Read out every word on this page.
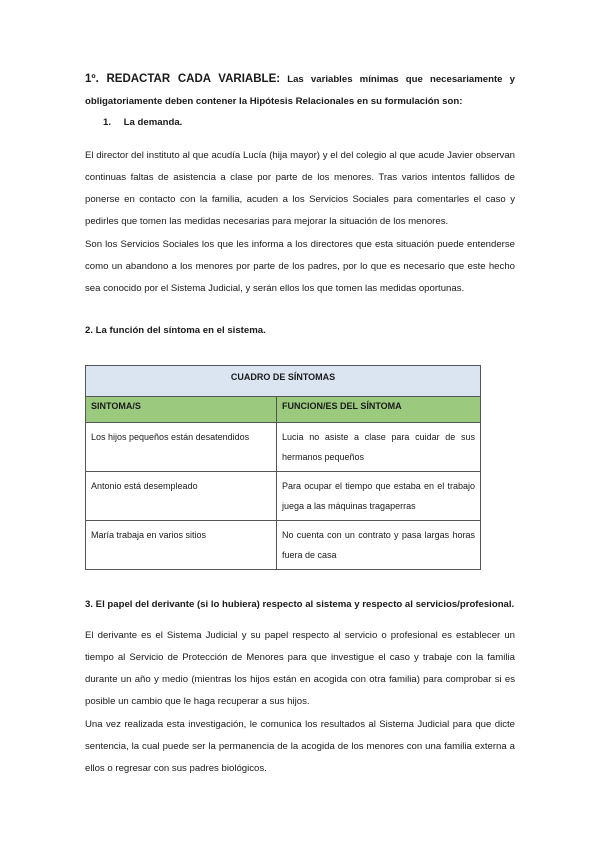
1º. REDACTAR CADA VARIABLE: Las variables mínimas que necesariamente y obligatoriamente deben contener la Hipótesis Relacionales en su formulación son:

1. La demanda.

El director del instituto al que acudía Lucía (hija mayor) y el del colegio al que acude Javier observan continuas faltas de asistencia a clase por parte de los menores. Tras varios intentos fallidos de ponerse en contacto con la familia, acuden a los Servicios Sociales para comentarles el caso y pedirles que tomen las medidas necesarias para mejorar la situación de los menores.

Son los Servicios Sociales los que les informa a los directores que esta situación puede entenderse como un abandono a los menores por parte de los padres, por lo que es necesario que este hecho sea conocido por el Sistema Judicial, y serán ellos los que tomen las medidas oportunas.

2. La función del síntoma en el sistema.
CUADRO DE SÍNTOMAS	
SINTOMA/S	FUNCION/ES DEL SÍNTOMA
Los hijos pequeños están desatendidos	Lucia no asiste a clase para cuidar de sus hermanos pequeños
Antonio está desempleado	Para ocupar el tiempo que estaba en el trabajo juega a las máquinas tragaperras
María trabaja en varios sitios	No cuenta con un contrato y pasa largas horas fuera de casa
3. El papel del derivante (si lo hubiera) respecto al sistema y respecto al servicios/profesional.

El derivante es el Sistema Judicial y su papel respecto al servicio o profesional es establecer un tiempo al Servicio de Protección de Menores para que investigue el caso y trabaje con la familia durante un año y medio (mientras los hijos están en acogida con otra familia) para comprobar si es posible un cambio que le haga recuperar a sus hijos.

Una vez realizada esta investigación, le comunica los resultados al Sistema Judicial para que dicte sentencia, la cual puede ser la permanencia de la acogida de los menores con una familia externa a ellos o regresar con sus padres biológicos.
